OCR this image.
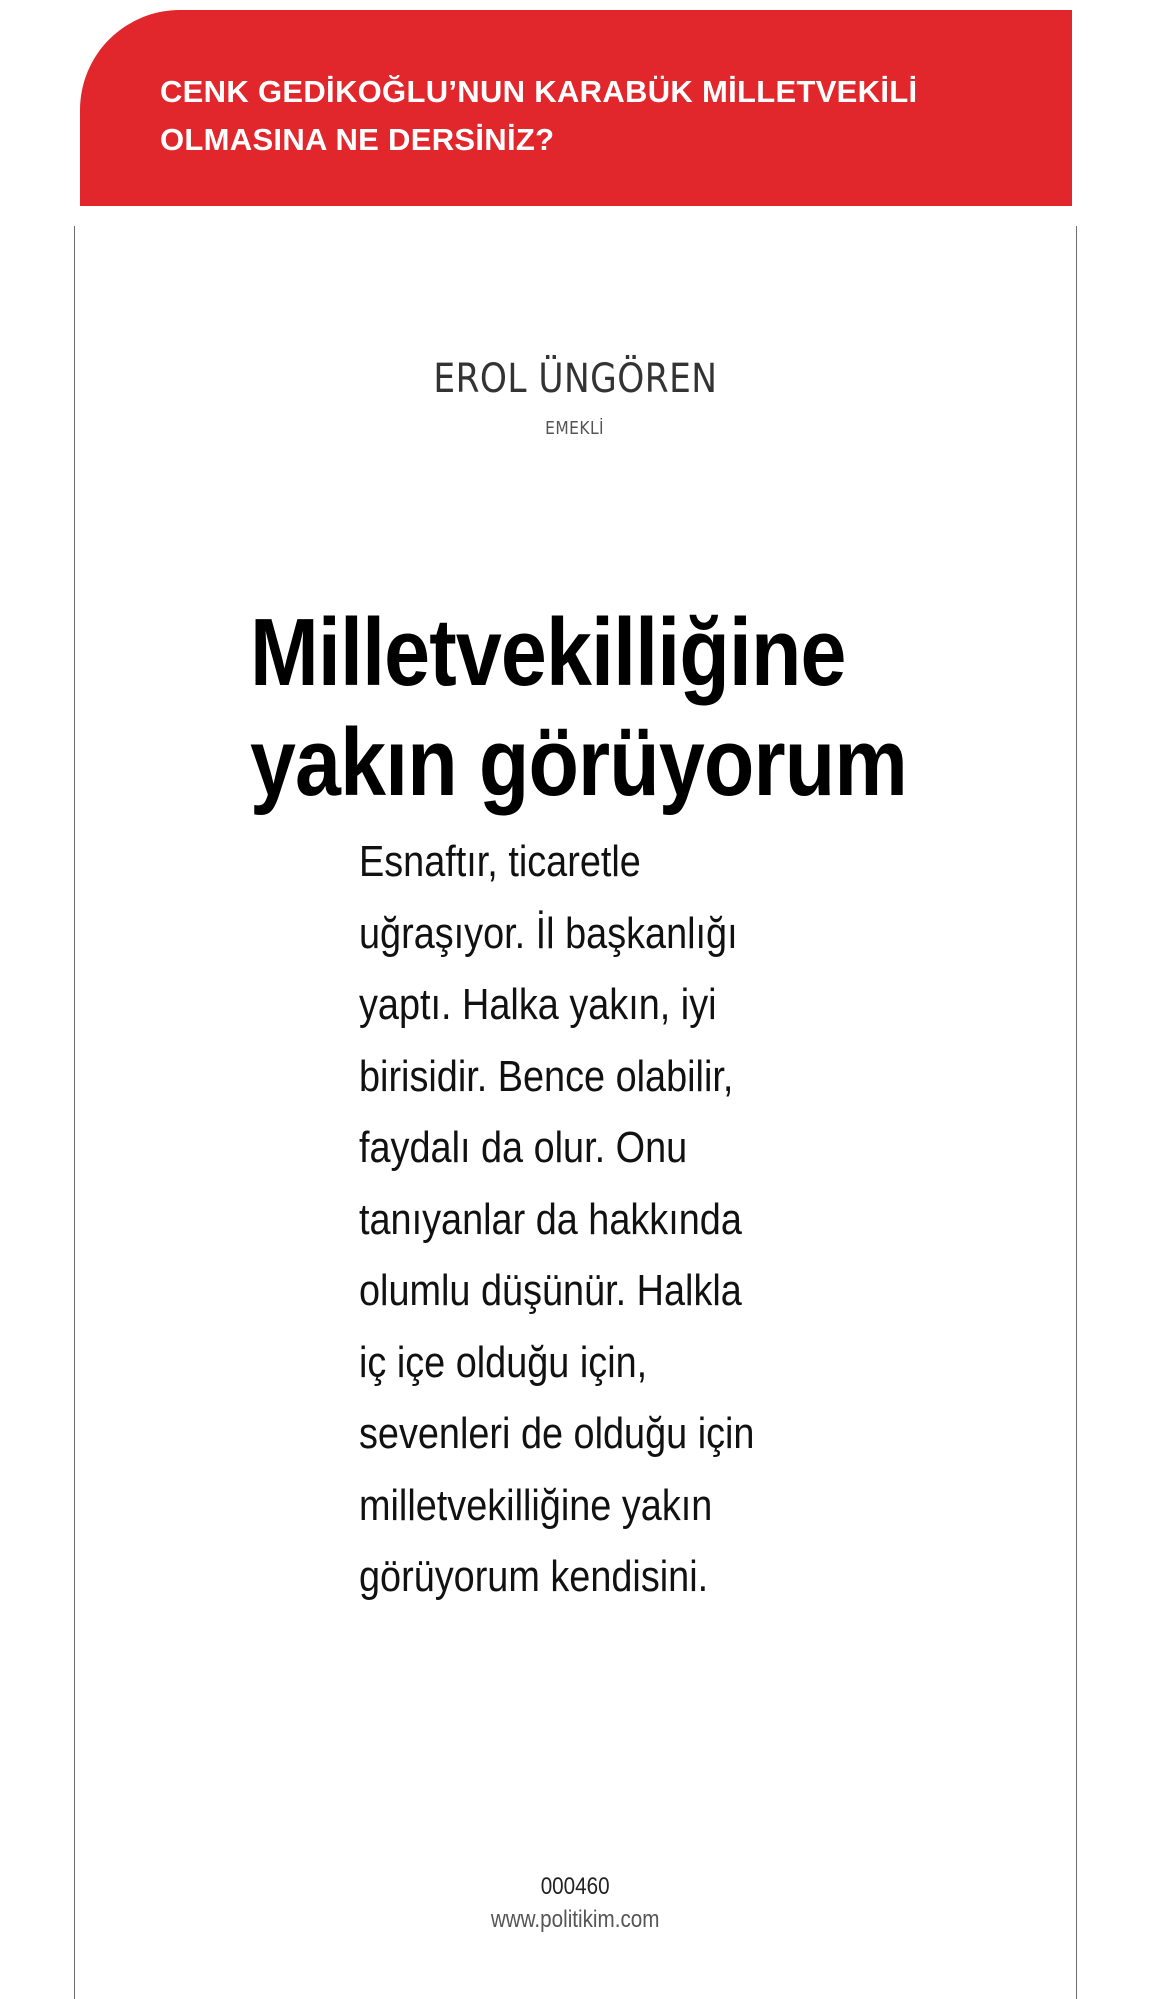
CENK GEDİKOĞLU’NUN KARABÜK MİLLETVEKİLİ OLMASINA NE DERSİNİZ?
EROL ÜNGÖREN
EMEKLİ
Milletvekilliğine yakın görüyorum

Esnaftır, ticaretle
uğraşıyor. İl başkanlığı
yaptı. Halka yakın, iyi
birisidir. Bence olabilir,
faydalı da olur. Onu
tanıyanlar da hakkında
olumlu düşünür. Halkla
iç içe olduğu için,
sevenleri de olduğu için
milletvekilliğine yakın
görüyorum kendisini.

000460
www.politikim.com
